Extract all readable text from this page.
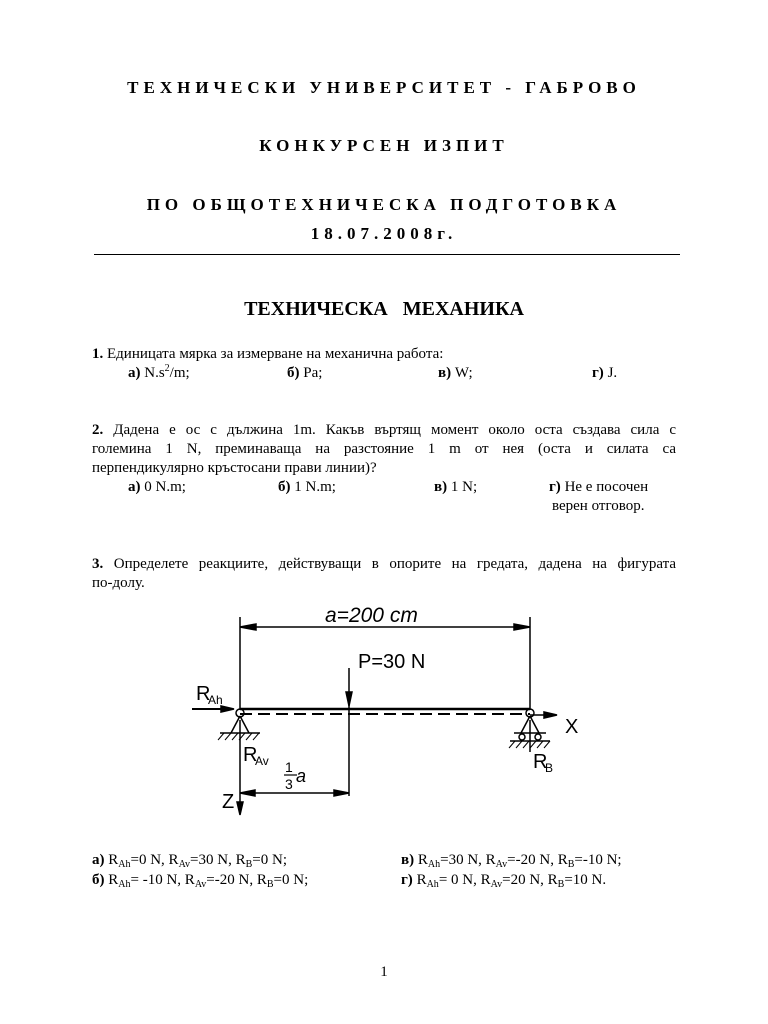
ТЕХНИЧЕСКИ УНИВЕРСИТЕТ - ГАБРОВО
КОНКУРСЕН ИЗПИТ
ПО ОБЩОТЕХНИЧЕСКА ПОДГОТОВКА
18.07.2008г.
ТЕХНИЧЕСКА МЕХАНИКА
1. Единицата мярка за измерване на механична работа:
а) $N.s^2/m$;	б) Pa;	в) W;	г) J.
2. Дадена е ос с дължина 1m. Какъв въртящ момент около оста създава сила с
големина 1 N, преминаваща на разстояние 1 m от нея (оста и силата са
перпендикулярно кръстосани прави линии)?
а) 0 N.m;	б) 1 N.m;	в) 1 N;	г) Не е посочен
верен отговор.
3. Определете реакциите, действуващи в опорите на гредата, дадена на фигурата
по-долу.
a=200 cm
P=30 N
R
Ah
R
Av	R
B
1
3 a
X
Z
а) $R_{Ah}=0$ N, $R_{Av}=30$ N, $R_B=0$ N;	в) $R_{Ah}=30$ N, $R_{Av}=-20$ N, $R_B=-10$ N;
б) $R_{Ah}= -10$ N, $R_{Av}=-20$ N, $R_B=0$ N;	г) $R_{Ah}= 0$ N, $R_{Av}=20$ N, $R_B=10$ N.
1
